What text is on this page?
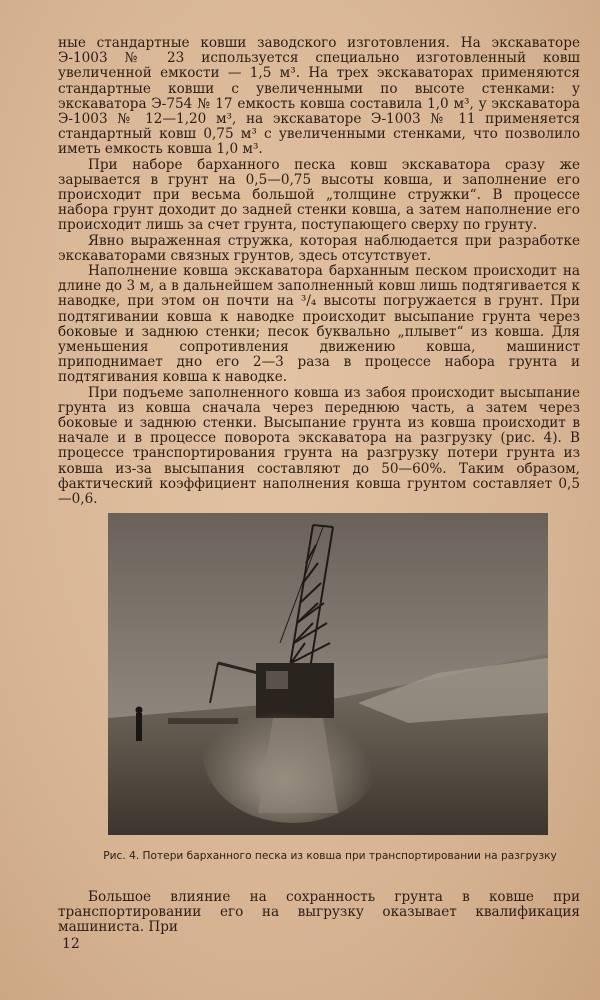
ные стандартные ковши заводского изготовления. На экскаваторе Э-1003 № 23 используется специально изготовленный ковш увеличенной емкости — 1,5 м³. На трех экскаваторах применяются стандартные ковши с увеличенными по высоте стенками: у экскаватора Э-754 № 17 емкость ковша составила 1,0 м³, у экскаватора Э-1003 № 12—1,20 м³, на экскаваторе Э-1003 № 11 применяется стандартный ковш 0,75 м³ с увеличенными стенками, что позволило иметь емкость ковша 1,0 м³.

При наборе барханного песка ковш экскаватора сразу же зарывается в грунт на 0,5—0,75 высоты ковша, и заполнение его происходит при весьма большой „толщине стружки“. В процессе набора грунт доходит до задней стенки ковша, а затем наполнение его происходит лишь за счет грунта, поступающего сверху по грунту.

Явно выраженная стружка, которая наблюдается при разработке экскаваторами связных грунтов, здесь отсутствует.

Наполнение ковша экскаватора барханным песком происходит на длине до 3 м, а в дальнейшем заполненный ковш лишь подтягивается к наводке, при этом он почти на ³/₄ высоты погружается в грунт. При подтягивании ковша к наводке происходит высыпание грунта через боковые и заднюю стенки; песок буквально „плывет“ из ковша. Для уменьшения сопротивления движению ковша, машинист приподнимает дно его 2—3 раза в процессе набора грунта и подтягивания ковша к наводке.

При подъеме заполненного ковша из забоя происходит высыпание грунта из ковша сначала через переднюю часть, а затем через боковые и заднюю стенки. Высыпание грунта из ковша происходит в начале и в процессе поворота экскаватора на разгрузку (рис. 4). В процессе транспортирования грунта на разгрузку потери грунта из ковша из-за высыпания составляют до 50—60%. Таким образом, фактический коэффициент наполнения ковша грунтом составляет 0,5—0,6.

Рис. 4. Потери барханного песка из ковша при транспортировании на разгрузку

Большое влияние на сохранность грунта в ковше при транспортировании его на выгрузку оказывает квалификация машиниста. При

12
